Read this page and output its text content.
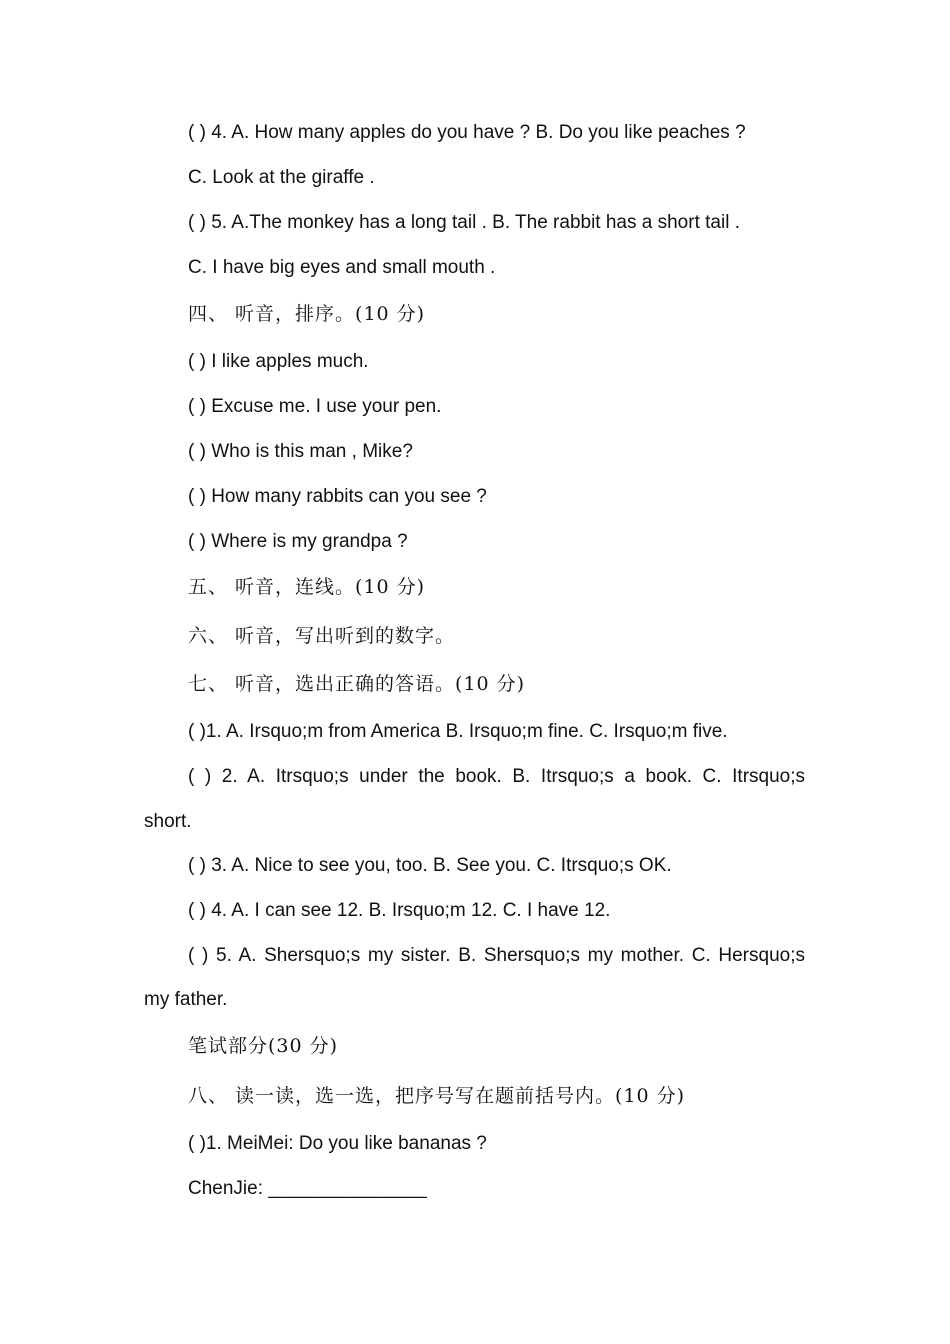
( ) 4. A. How many apples do you have ? B. Do you like peaches ?
C. Look at the giraffe .
( ) 5. A.The monkey has a long tail . B. The rabbit has a short tail .
C. I have big eyes and small mouth .
四、 听音，排序。(10 分)
( ) I like apples much.
( ) Excuse me. I use your pen.
( ) Who is this man , Mike?
( ) How many rabbits can you see ?
( ) Where is my grandpa ?
五、 听音，连线。(10 分)
六、 听音，写出听到的数字。
七、 听音，选出正确的答语。(10 分)
( )1. A. Irsquo;m from America B. Irsquo;m fine. C. Irsquo;m five.
( ) 2. A. Itrsquo;s under the book. B. Itrsquo;s a book. C. Itrsquo;s
short.
( ) 3. A. Nice to see you, too. B. See you. C. Itrsquo;s OK.
( ) 4. A. I can see 12. B. Irsquo;m 12. C. I have 12.
( ) 5. A. Shersquo;s my sister. B. Shersquo;s my mother. C. Hersquo;s
my father.
笔试部分(30 分)
八、 读一读，选一选，把序号写在题前括号内。(10 分)
( )1. MeiMei: Do you like bananas ?
ChenJie: _______________
